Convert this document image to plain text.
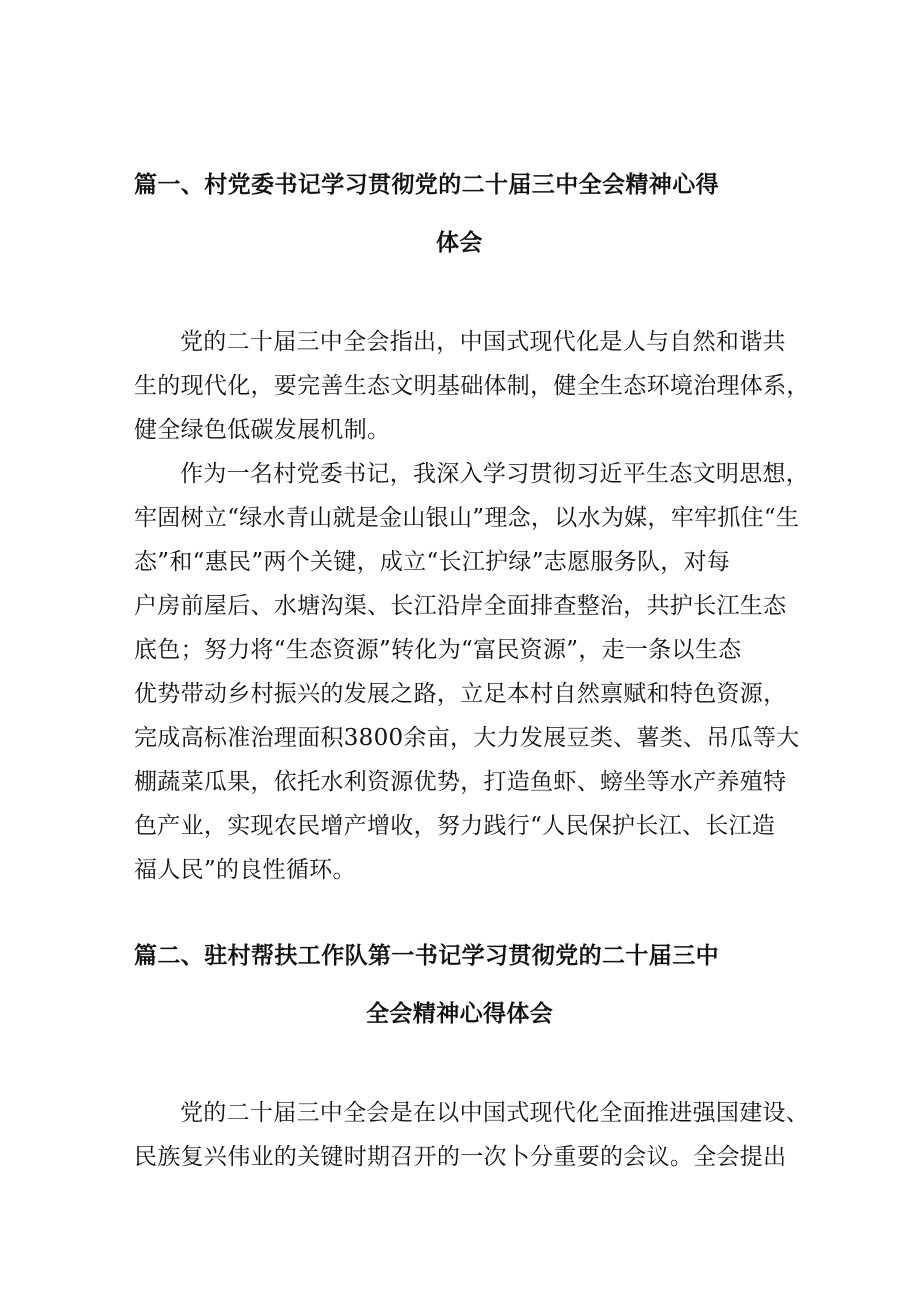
篇一、村党委书记学习贯彻党的二十届三中全会精神心得
体会
党的二十届三中全会指出，中国式现代化是人与自然和谐共
生的现代化，要完善生态文明基础体制，健全生态环境治理体系，
健全绿色低碳发展机制。
作为一名村党委书记，我深入学习贯彻习近平生态文明思想，
牢固树立“绿水青山就是金山银山”理念，以水为媒，牢牢抓住“生
态”和“惠民”两个关键，成立“长江护绿”志愿服务队，对每
户房前屋后、水塘沟渠、长江沿岸全面排查整治，共护长江生态
底色；努力将“生态资源”转化为“富民资源”，走一条以生态
优势带动乡村振兴的发展之路，立足本村自然禀赋和特色资源，
完成高标准治理面积3800余亩，大力发展豆类、薯类、吊瓜等大
棚蔬菜瓜果，依托水利资源优势，打造鱼虾、螃坐等水产养殖特
色产业，实现农民增产增收，努力践行“人民保护长江、长江造
福人民”的良性循环。
篇二、驻村帮扶工作队第一书记学习贯彻党的二十届三中
全会精神心得体会
党的二十届三中全会是在以中国式现代化全面推进强国建设、
民族复兴伟业的关键时期召开的一次卜分重要的会议。全会提出
